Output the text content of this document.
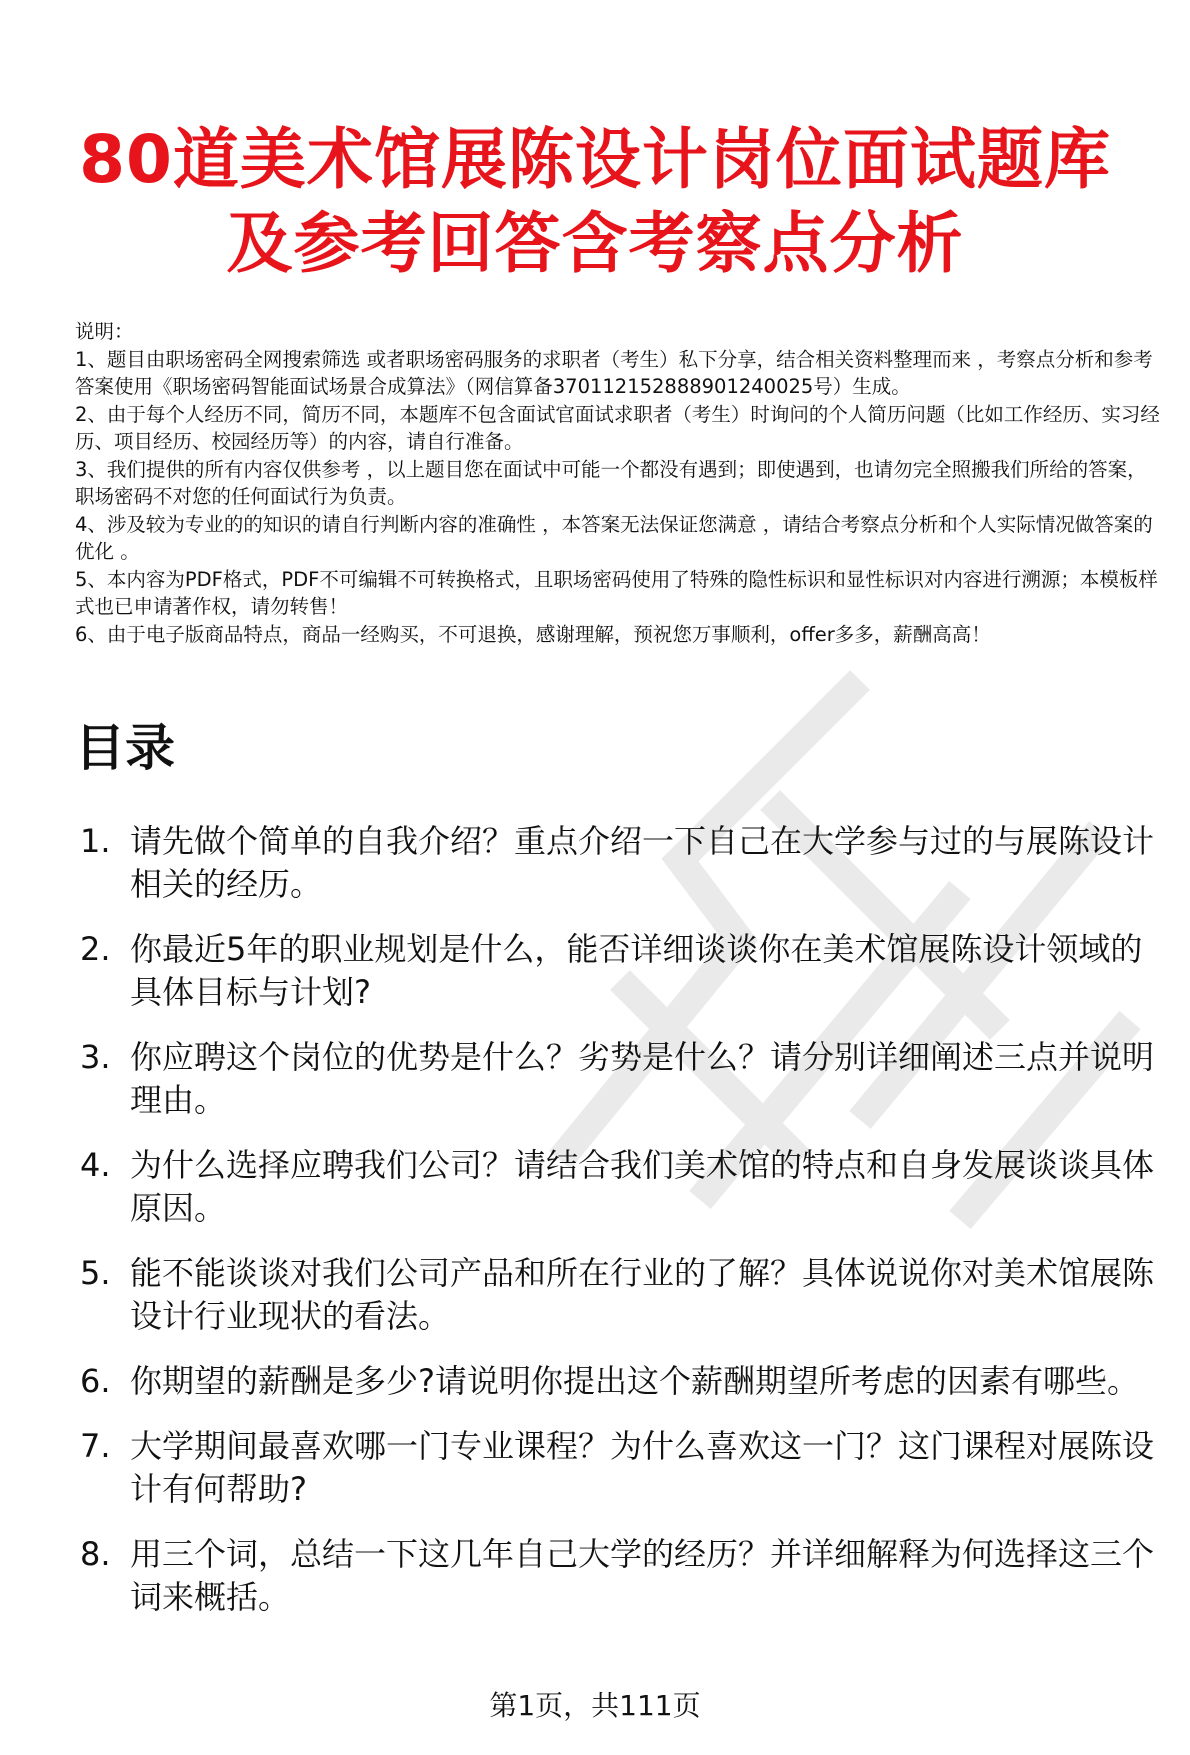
80道美术馆展陈设计岗位面试题库
及参考回答含考察点分析

说明：

1、题目由职场密码全网搜索筛选 或者职场密码服务的求职者（考生）私下分享，结合相关资料整理而来 ，考察点分析和参考答案使用《职场密码智能面试场景合成算法》（网信算备370112152888901240025号）生成。

2、由于每个人经历不同，简历不同，本题库不包含面试官面试求职者（考生）时询问的个人简历问题（比如工作经历、实习经历、项目经历、校园经历等）的内容，请自行准备。

3、我们提供的所有内容仅供参考 ，以上题目您在面试中可能一个都没有遇到；即使遇到，也请勿完全照搬我们所给的答案，职场密码不对您的任何面试行为负责。

4、涉及较为专业的的知识的请自行判断内容的准确性 ，本答案无法保证您满意 ，请结合考察点分析和个人实际情况做答案的优化 。

5、本内容为PDF格式，PDF不可编辑不可转换格式，且职场密码使用了特殊的隐性标识和显性标识对内容进行溯源；本模板样式也已申请著作权，请勿转售！

6、由于电子版商品特点，商品一经购买，不可退换，感谢理解，预祝您万事顺利，offer多多，薪酬高高！

目录
1. 请先做个简单的自我介绍？重点介绍一下自己在大学参与过的与展陈设计相关的经历。
2. 你最近5年的职业规划是什么，能否详细谈谈你在美术馆展陈设计领域的具体目标与计划?
3. 你应聘这个岗位的优势是什么？劣势是什么？请分别详细阐述三点并说明理由。
4. 为什么选择应聘我们公司？请结合我们美术馆的特点和自身发展谈谈具体原因。
5. 能不能谈谈对我们公司产品和所在行业的了解？具体说说你对美术馆展陈设计行业现状的看法。
6. 你期望的薪酬是多少?请说明你提出这个薪酬期望所考虑的因素有哪些。
7. 大学期间最喜欢哪一门专业课程？为什么喜欢这一门？这门课程对展陈设计有何帮助?
8. 用三个词，总结一下这几年自己大学的经历？并详细解释为何选择这三个词来概括。
第1页，共111页
